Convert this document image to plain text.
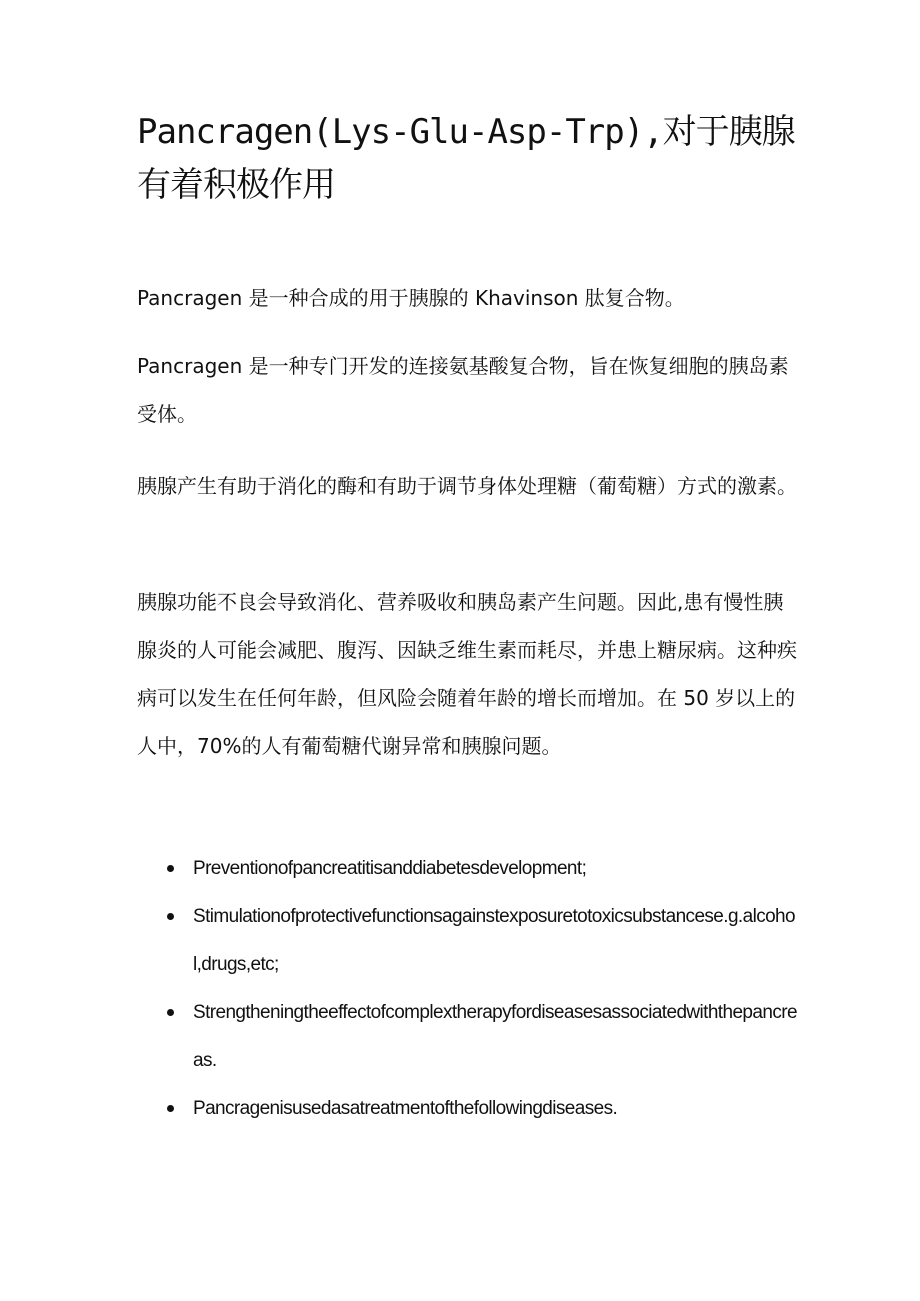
Pancragen(Lys-Glu-Asp-Trp),对于胰腺有着积极作用

Pancragen 是一种合成的用于胰腺的 Khavinson 肽复合物。

Pancragen 是一种专门开发的连接氨基酸复合物，旨在恢复细胞的胰岛素受体。

胰腺产生有助于消化的酶和有助于调节身体处理糖（葡萄糖）方式的激素。

胰腺功能不良会导致消化、营养吸收和胰岛素产生问题。因此,患有慢性胰腺炎的人可能会减肥、腹泻、因缺乏维生素而耗尽，并患上糖尿病。这种疾病可以发生在任何年龄，但风险会随着年龄的增长而增加。在 50 岁以上的人中，70%的人有葡萄糖代谢异常和胰腺问题。

Preventionofpancreatitisanddiabetesdevelopment;
Stimulationofprotectivefunctionsagainstexposuretotoxicsubstancese.g.alcohol,drugs,etc;
Strengtheningtheeffectofcomplextherapyfordiseasesassociatedwiththepancreas.
Pancragenisusedasatreatmentofthefollowingdiseases.
